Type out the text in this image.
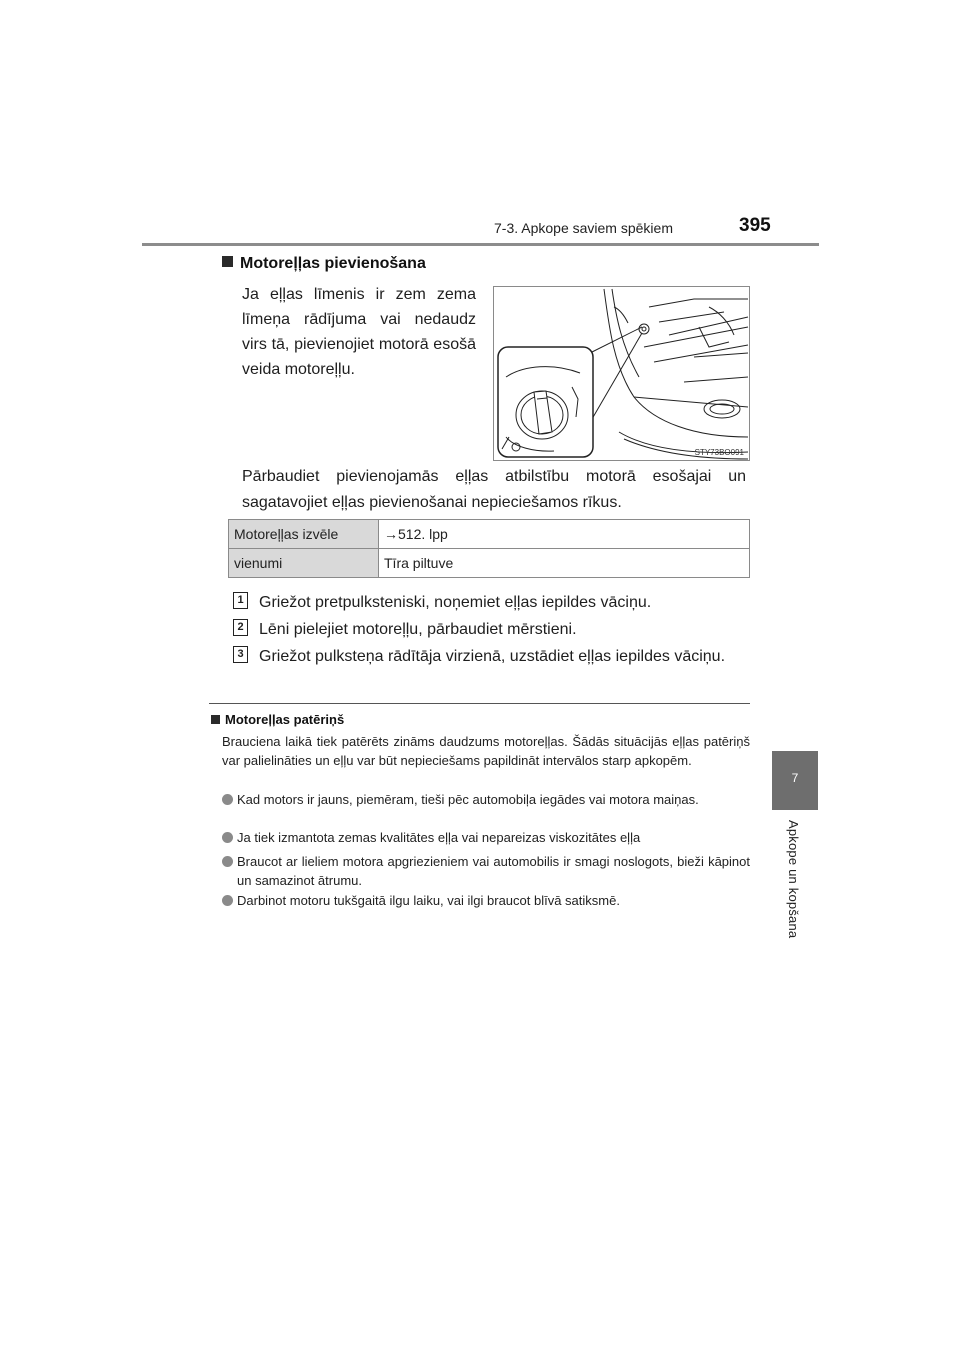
7-3. Apkope saviem spēkiem	395
7
Apkope un kopšana
Motoreļļas pievienošana
Ja eļļas līmenis ir zem zema līmeņa rādījuma vai nedaudz virs tā, pievienojiet motorā esošā veida motoreļļu.
STY73BO091
Pārbaudiet pievienojamās eļļas atbilstību motorā esošajai un sagatavojiet eļļas pievienošanai nepieciešamos rīkus.
Motoreļļas izvēle	→512. lpp
vienumi	Tīra piltuve
1 Griežot pretpulksteniski, noņemiet eļļas iepildes vāciņu.
2 Lēni pielejiet motoreļļu, pārbaudiet mērstieni.
3 Griežot pulksteņa rādītāja virzienā, uzstādiet eļļas iepildes vāciņu.
Motoreļļas patēriņš
Brauciena laikā tiek patērēts zināms daudzums motoreļļas. Šādās situācijās eļļas patēriņš var palielināties un eļļu var būt nepieciešams papildināt intervālos starp apkopēm.
Kad motors ir jauns, piemēram, tieši pēc automobiļa iegādes vai motora maiņas.
Ja tiek izmantota zemas kvalitātes eļļa vai nepareizas viskozitātes eļļa
Braucot ar lieliem motora apgriezieniem vai automobilis ir smagi noslogots, bieži kāpinot un samazinot ātrumu.
Darbinot motoru tukšgaitā ilgu laiku, vai ilgi braucot blīvā satiksmē.
